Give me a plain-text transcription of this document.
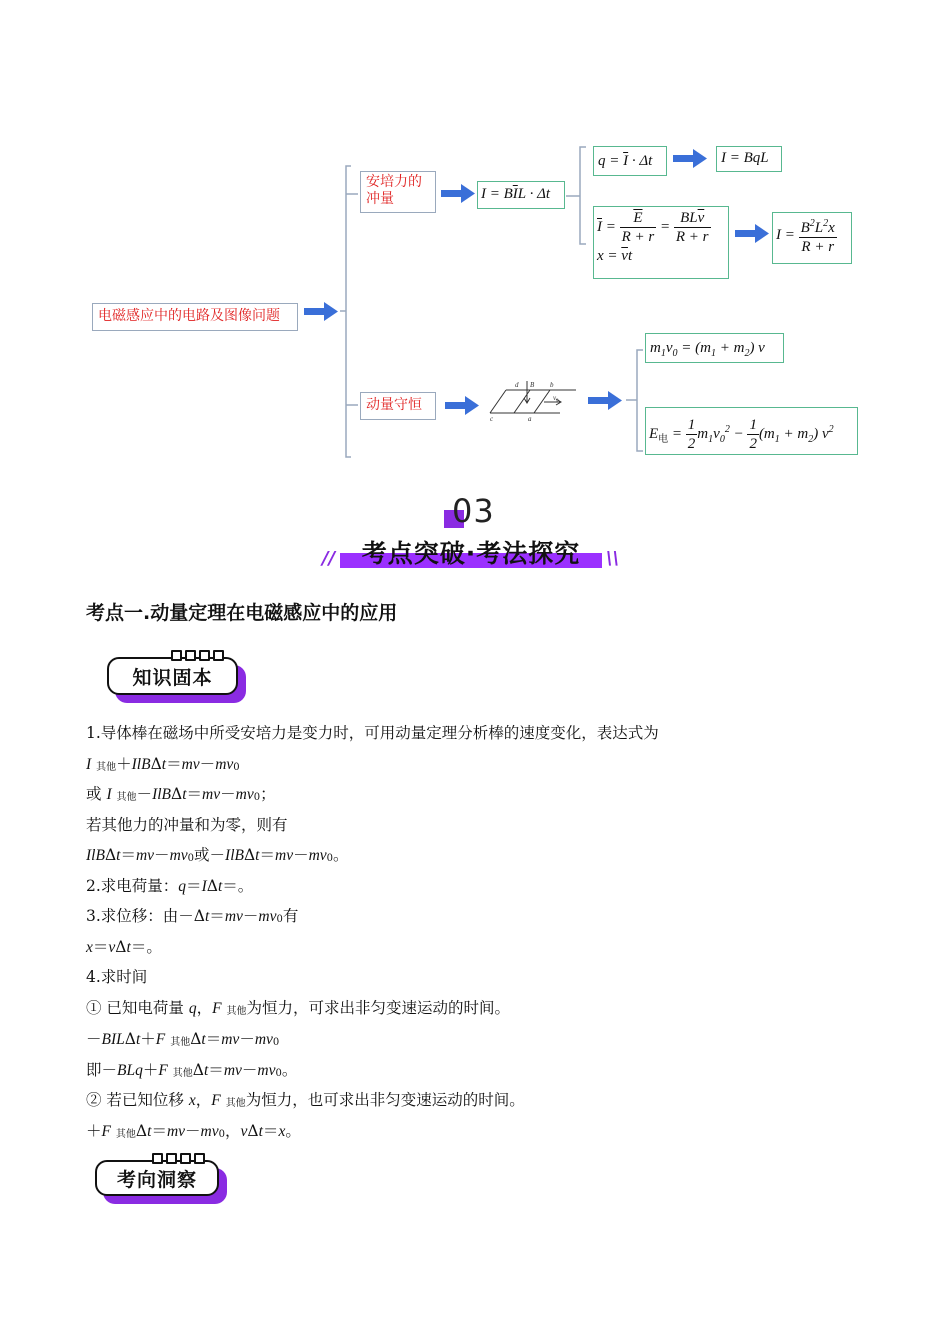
d B b
v₀
c	a
电磁感应中的电路及图像问题
安培力的冲量
动量守恒
$I = B\overline{I}L \cdot \Delta t$
$q = \overline{I} \cdot \Delta t$	I = BqL
$\overline{I} = \frac{\overline{E}}{R + r} = \frac{BL\overline{v}}{R + r}$
$x = \overline{v}t$
$I = \frac{B^2L^2x}{R + r}$
$m_1v_0 = (m_1 + m_2)$ v
$E_电 = \frac{1}{2} m_1v_0^2 - \frac{1}{2} (m_1 + m_2)$ $v^2$
03
//	考点突破·考法探究	\\
考点一.动量定理在电磁感应中的应用
知识固本
1.导体棒在磁场中所受安培力是变力时，可用动量定理分析棒的速度变化，表达式为
I 其他＋IlBΔt＝mv－mv0
或 I 其他－IlBΔt＝mv－mv0；
若其他力的冲量和为零，则有
IlBΔt＝mv－mv0或－IlBΔt＝mv－mv0。
2.求电荷量：q＝IΔt＝。
3.求位移：由－Δt＝mv－mv0有
x＝vΔt＝。
4.求时间
① 已知电荷量 q，F 其他为恒力，可求出非匀变速运动的时间。
－BILΔt＋F 其他Δt＝mv－mv0
即－BLq＋F 其他Δt＝mv－mv0。
② 若已知位移 x，F 其他为恒力，也可求出非匀变速运动的时间。
＋F 其他Δt＝mv－mv0，vΔt＝x。
考向洞察
